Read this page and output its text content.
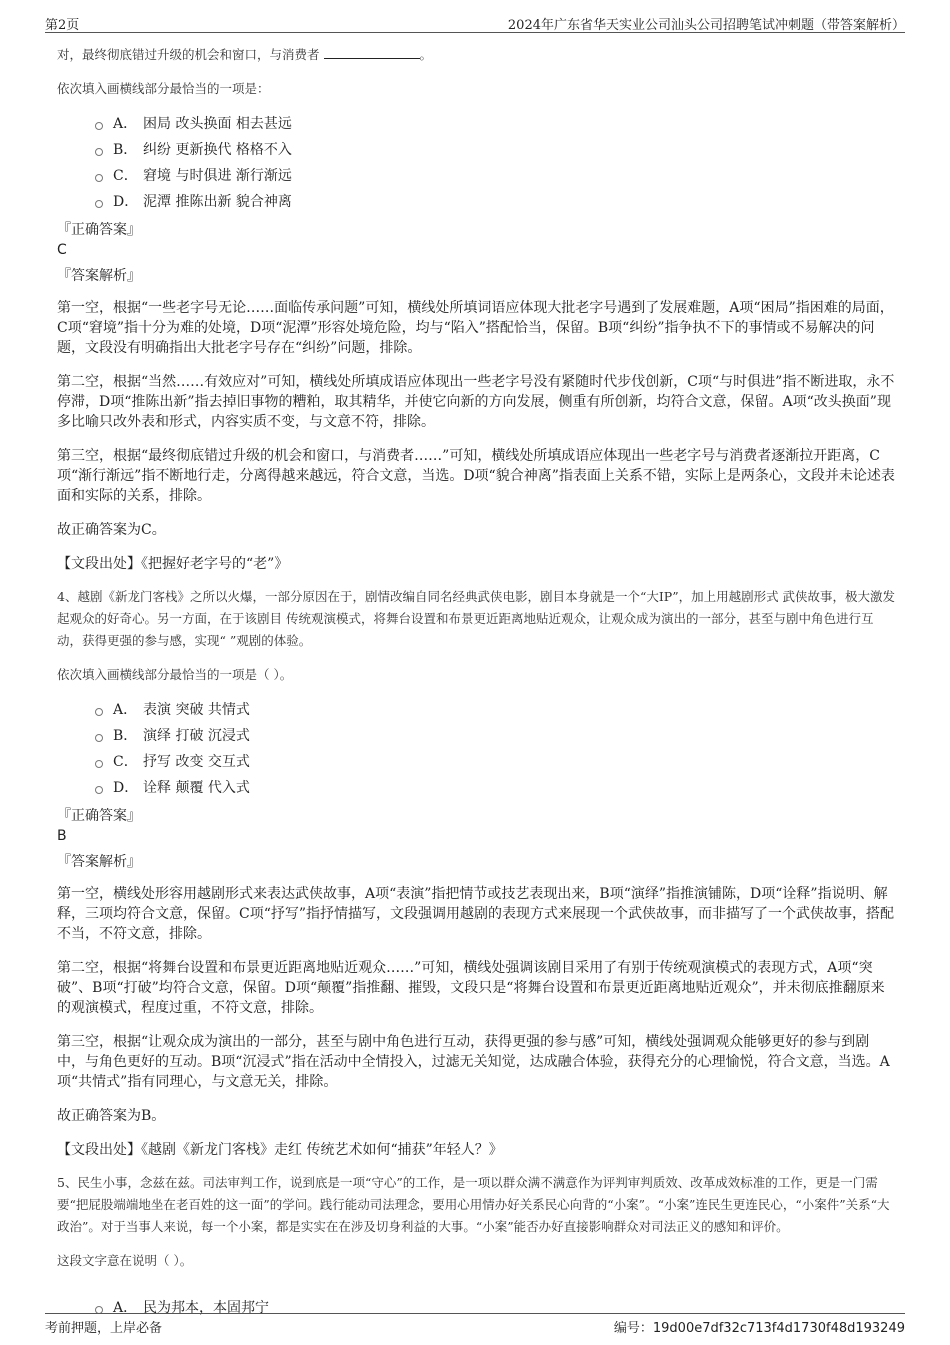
第2页	2024年广东省华天实业公司汕头公司招聘笔试冲刺题（带答案解析）

对，最终彻底错过升级的机会和窗口，与消费者	。

依次填入画横线部分最恰当的一项是：

A． 困局 改头换面 相去甚远
B． 纠纷 更新换代 格格不入
C． 窘境 与时俱进 渐行渐远
D． 泥潭 推陈出新 貌合神离
『正确答案』
C
『答案解析』

第一空，根据“一些老字号无论……面临传承问题”可知，横线处所填词语应体现大批老字号遇到了发展难题，A项“困局”指困难的局面，C项“窘境”指十分为难的处境，D项“泥潭”形容处境危险，均与“陷入”搭配恰当，保留。B项“纠纷”指争执不下的事情或不易解决的问题，文段没有明确指出大批老字号存在“纠纷”问题，排除。

第二空，根据“当然……有效应对”可知，横线处所填成语应体现出一些老字号没有紧随时代步伐创新，C项“与时俱进”指不断进取，永不停滞，D项“推陈出新”指去掉旧事物的糟粕，取其精华，并使它向新的方向发展，侧重有所创新，均符合文意，保留。A项“改头换面”现多比喻只改外表和形式，内容实质不变，与文意不符，排除。

第三空，根据“最终彻底错过升级的机会和窗口，与消费者……”可知，横线处所填成语应体现出一些老字号与消费者逐渐拉开距离，C项“渐行渐远”指不断地行走，分离得越来越远，符合文意，当选。D项“貌合神离”指表面上关系不错，实际上是两条心，文段并未论述表面和实际的关系，排除。

故正确答案为C。

【文段出处】《把握好老字号的“老”》

4、越剧《新龙门客栈》之所以火爆，一部分原因在于，剧情改编自同名经典武侠电影，剧目本身就是一个“大IP”，加上用越剧形式 武侠故事，极大激发起观众的好奇心。另一方面，在于该剧目 传统观演模式，将舞台设置和布景更近距离地贴近观众，让观众成为演出的一部分，甚至与剧中角色进行互动，获得更强的参与感，实现“ ”观剧的体验。

依次填入画横线部分最恰当的一项是（ ）。

A． 表演 突破 共情式
B． 演绎 打破 沉浸式
C． 抒写 改变 交互式
D． 诠释 颠覆 代入式
『正确答案』
B
『答案解析』

第一空，横线处形容用越剧形式来表达武侠故事，A项“表演”指把情节或技艺表现出来，B项“演绎”指推演铺陈，D项“诠释”指说明、解释，三项均符合文意，保留。C项“抒写”指抒情描写，文段强调用越剧的表现方式来展现一个武侠故事，而非描写了一个武侠故事，搭配不当，不符文意，排除。

第二空，根据“将舞台设置和布景更近距离地贴近观众……”可知，横线处强调该剧目采用了有别于传统观演模式的表现方式，A项“突破”、B项“打破”均符合文意，保留。D项“颠覆”指推翻、摧毁，文段只是“将舞台设置和布景更近距离地贴近观众”，并未彻底推翻原来的观演模式，程度过重，不符文意，排除。

第三空，根据“让观众成为演出的一部分，甚至与剧中角色进行互动，获得更强的参与感”可知，横线处强调观众能够更好的参与到剧中，与角色更好的互动。B项“沉浸式”指在活动中全情投入，过滤无关知觉，达成融合体验，获得充分的心理愉悦，符合文意，当选。A项“共情式”指有同理心，与文意无关，排除。

故正确答案为B。

【文段出处】《越剧《新龙门客栈》走红 传统艺术如何“捕获”年轻人？》

5、民生小事，念兹在兹。司法审判工作，说到底是一项“守心”的工作，是一项以群众满不满意作为评判审判质效、改革成效标准的工作，更是一门需要“把屁股端端地坐在老百姓的这一面”的学问。践行能动司法理念，要用心用情办好关系民心向背的“小案”。“小案”连民生更连民心，“小案件”关系“大政治”。对于当事人来说，每一个小案，都是实实在在涉及切身利益的大事。“小案”能否办好直接影响群众对司法正义的感知和评价。

这段文字意在说明（ ）。

A． 民为邦本，本固邦宁
考前押题，上岸必备	编号：19d00e7df32c713f4d1730f48d193249
